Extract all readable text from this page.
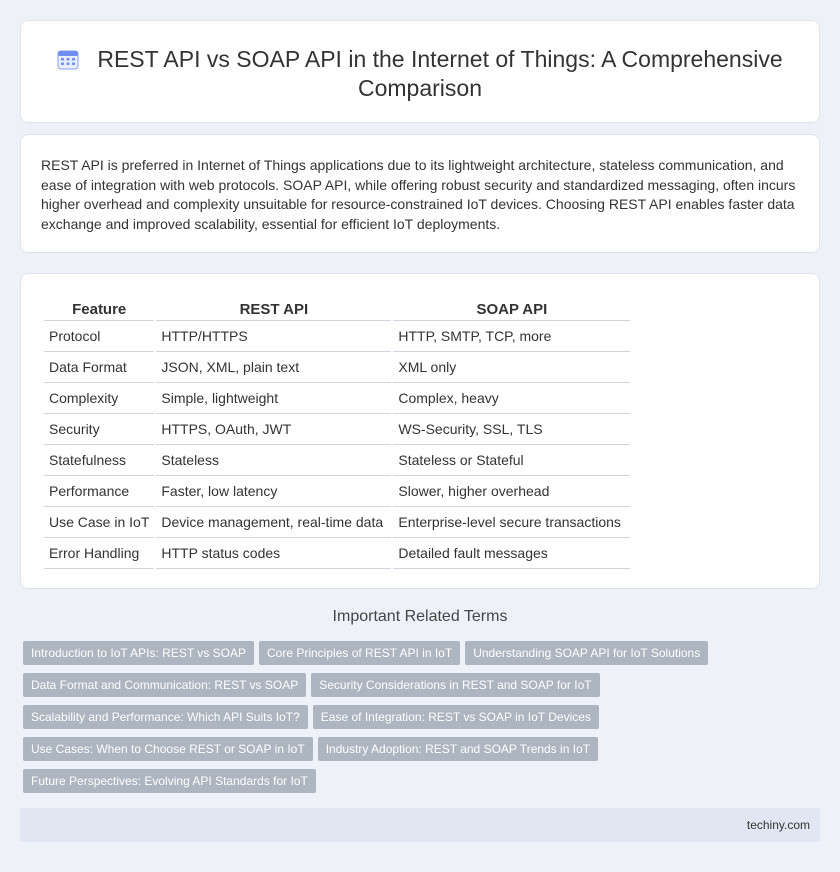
REST API vs SOAP API in the Internet of Things: A Comprehensive Comparison

REST API is preferred in Internet of Things applications due to its lightweight architecture, stateless communication, and ease of integration with web protocols. SOAP API, while offering robust security and standardized messaging, often incurs higher overhead and complexity unsuitable for resource-constrained IoT devices. Choosing REST API enables faster data exchange and improved scalability, essential for efficient IoT deployments.

Feature	REST API	SOAP API
Protocol	HTTP/HTTPS	HTTP, SMTP, TCP, more
Data Format	JSON, XML, plain text	XML only
Complexity	Simple, lightweight	Complex, heavy
Security	HTTPS, OAuth, JWT	WS-Security, SSL, TLS
Statefulness	Stateless	Stateless or Stateful
Performance	Faster, low latency	Slower, higher overhead
Use Case in IoT	Device management, real-time data	Enterprise-level secure transactions
Error Handling	HTTP status codes	Detailed fault messages
Important Related Terms
Introduction to IoT APIs: REST vs SOAP Core Principles of REST API in IoT Understanding SOAP API for IoT Solutions
Data Format and Communication: REST vs SOAP Security Considerations in REST and SOAP for IoT
Scalability and Performance: Which API Suits IoT? Ease of Integration: REST vs SOAP in IoT Devices
Use Cases: When to Choose REST or SOAP in IoT Industry Adoption: REST and SOAP Trends in IoT
Future Perspectives: Evolving API Standards for IoT
techiny.com
